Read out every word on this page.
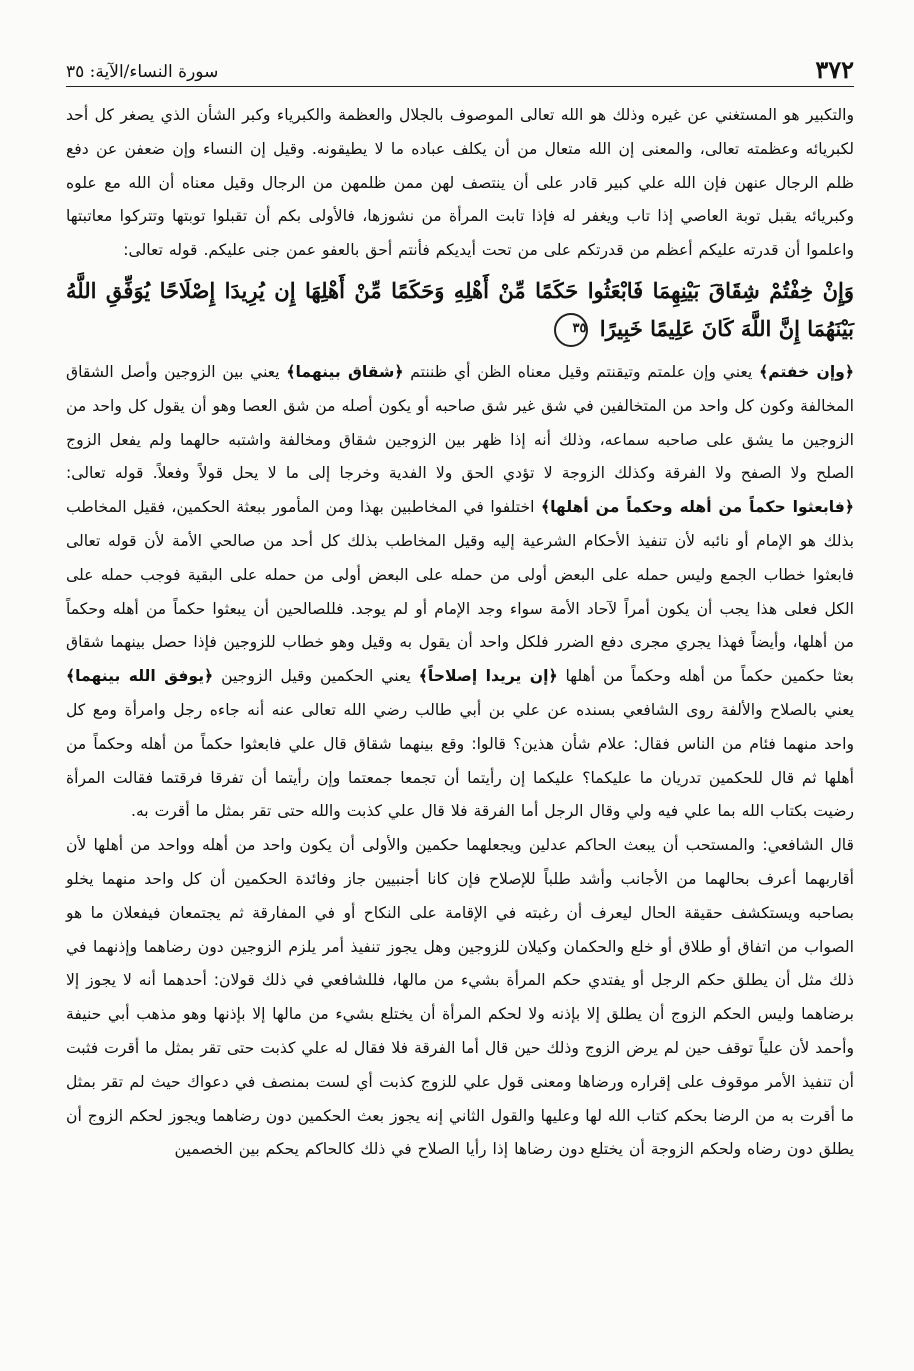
٣٧٢
سورة النساء/الآية: ٣٥

والتكبير هو المستغني عن غيره وذلك هو الله تعالى الموصوف بالجلال والعظمة والكبرياء وكبر الشأن الذي يصغر كل أحد لكبريائه وعظمته تعالى، والمعنى إن الله متعال من أن يكلف عباده ما لا يطيقونه. وقيل إن النساء وإن ضعفن عن دفع ظلم الرجال عنهن فإن الله علي كبير قادر على أن ينتصف لهن ممن ظلمهن من الرجال وقيل معناه أن الله مع علوه وكبريائه يقبل توبة العاصي إذا تاب ويغفر له فإذا تابت المرأة من نشوزها، فالأولى بكم أن تقبلوا توبتها وتتركوا معاتبتها واعلموا أن قدرته عليكم أعظم من قدرتكم على من تحت أيديكم فأنتم أحق بالعفو عمن جنى عليكم. قوله تعالى:

وَإِنْ خِفْتُمْ شِقَاقَ بَيْنِهِمَا فَابْعَثُوا حَكَمًا مِّنْ أَهْلِهِ وَحَكَمًا مِّنْ أَهْلِهَا إِن يُرِيدَا إِصْلَاحًا يُوَفِّقِ اللَّهُ بَيْنَهُمَا إِنَّ اللَّهَ كَانَ عَلِيمًا خَبِيرًا ٣٥

﴿وإن خفتم﴾ يعني وإن علمتم وتيقنتم وقيل معناه الظن أي ظننتم ﴿شقاق بينهما﴾ يعني بين الزوجين وأصل الشقاق المخالفة وكون كل واحد من المتخالفين في شق غير شق صاحبه أو يكون أصله من شق العصا وهو أن يقول كل واحد من الزوجين ما يشق على صاحبه سماعه، وذلك أنه إذا ظهر بين الزوجين شقاق ومخالفة واشتبه حالهما ولم يفعل الزوج الصلح ولا الصفح ولا الفرقة وكذلك الزوجة لا تؤدي الحق ولا الفدية وخرجا إلى ما لا يحل قولاً وفعلاً. قوله تعالى: ﴿فابعثوا حكماً من أهله وحكماً من أهلها﴾ اختلفوا في المخاطبين بهذا ومن المأمور ببعثة الحكمين، فقيل المخاطب بذلك هو الإمام أو نائبه لأن تنفيذ الأحكام الشرعية إليه وقيل المخاطب بذلك كل أحد من صالحي الأمة لأن قوله تعالى فابعثوا خطاب الجمع وليس حمله على البعض أولى من حمله على البعض أولى من حمله على البقية فوجب حمله على الكل فعلى هذا يجب أن يكون أمراً لآحاد الأمة سواء وجد الإمام أو لم يوجد. فللصالحين أن يبعثوا حكماً من أهله وحكماً من أهلها، وأيضاً فهذا يجري مجرى دفع الضرر فلكل واحد أن يقول به وقيل وهو خطاب للزوجين فإذا حصل بينهما شقاق بعثا حكمين حكماً من أهله وحكماً من أهلها ﴿إن يريدا إصلاحاً﴾ يعني الحكمين وقيل الزوجين ﴿يوفق الله بينهما﴾ يعني بالصلاح والألفة روى الشافعي بسنده عن علي بن أبي طالب رضي الله تعالى عنه أنه جاءه رجل وامرأة ومع كل واحد منهما فئام من الناس فقال: علام شأن هذين؟ قالوا: وقع بينهما شقاق قال علي فابعثوا حكماً من أهله وحكماً من أهلها ثم قال للحكمين تدريان ما عليكما؟ عليكما إن رأيتما أن تجمعا جمعتما وإن رأيتما أن تفرقا فرقتما فقالت المرأة رضيت بكتاب الله بما علي فيه ولي وقال الرجل أما الفرقة فلا قال علي كذبت والله حتى تقر بمثل ما أقرت به.

قال الشافعي: والمستحب أن يبعث الحاكم عدلين ويجعلهما حكمين والأولى أن يكون واحد من أهله وواحد من أهلها لأن أقاربهما أعرف بحالهما من الأجانب وأشد طلباً للإصلاح فإن كانا أجنبيين جاز وفائدة الحكمين أن كل واحد منهما يخلو بصاحبه ويستكشف حقيقة الحال ليعرف أن رغبته في الإقامة على النكاح أو في المفارقة ثم يجتمعان فيفعلان ما هو الصواب من اتفاق أو طلاق أو خلع والحكمان وكيلان للزوجين وهل يجوز تنفيذ أمر يلزم الزوجين دون رضاهما وإذنهما في ذلك مثل أن يطلق حكم الرجل أو يفتدي حكم المرأة بشيء من مالها، فللشافعي في ذلك قولان: أحدهما أنه لا يجوز إلا برضاهما وليس الحكم الزوج أن يطلق إلا بإذنه ولا لحكم المرأة أن يختلع بشيء من مالها إلا بإذنها وهو مذهب أبي حنيفة وأحمد لأن علياً توقف حين لم يرض الزوج وذلك حين قال أما الفرقة فلا فقال له علي كذبت حتى تقر بمثل ما أقرت فثبت أن تنفيذ الأمر موقوف على إقراره ورضاها ومعنى قول علي للزوج كذبت أي لست بمنصف في دعواك حيث لم تقر بمثل ما أقرت به من الرضا بحكم كتاب الله لها وعليها والقول الثاني إنه يجوز بعث الحكمين دون رضاهما ويجوز لحكم الزوج أن يطلق دون رضاه ولحكم الزوجة أن يختلع دون رضاها إذا رأيا الصلاح في ذلك كالحاكم يحكم بين الخصمين
